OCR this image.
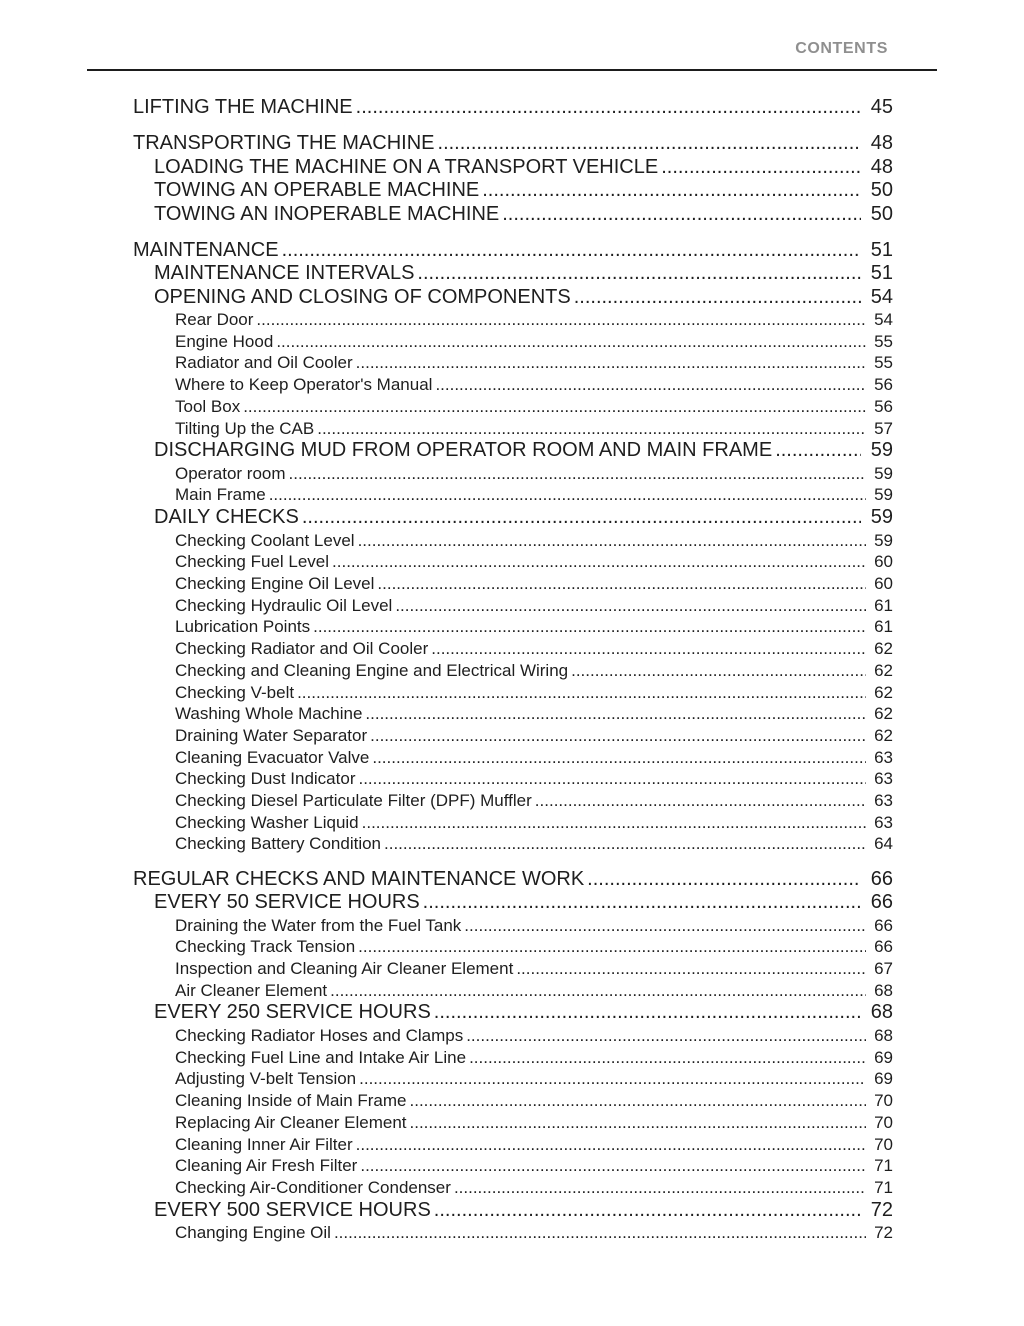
CONTENTS
LIFTING THE MACHINE .....	45
TRANSPORTING THE MACHINE .....	48
LOADING THE MACHINE ON A TRANSPORT VEHICLE .....	48
TOWING AN OPERABLE MACHINE .....	50
TOWING AN INOPERABLE MACHINE .....	50
MAINTENANCE .....	51
MAINTENANCE INTERVALS .....	51
OPENING AND CLOSING OF COMPONENTS .....	54
Rear Door .....	54
Engine Hood .....	55
Radiator and Oil Cooler .....	55
Where to Keep Operator's Manual .....	56
Tool Box .....	56
Tilting Up the CAB .....	57
DISCHARGING MUD FROM OPERATOR ROOM AND MAIN FRAME .....	59
Operator room .....	59
Main Frame .....	59
DAILY CHECKS .....	59
Checking Coolant Level .....	59
Checking Fuel Level .....	60
Checking Engine Oil Level .....	60
Checking Hydraulic Oil Level .....	61
Lubrication Points .....	61
Checking Radiator and Oil Cooler .....	62
Checking and Cleaning Engine and Electrical Wiring .....	62
Checking V-belt .....	62
Washing Whole Machine .....	62
Draining Water Separator .....	62
Cleaning Evacuator Valve .....	63
Checking Dust Indicator .....	63
Checking Diesel Particulate Filter (DPF) Muffler .....	63
Checking Washer Liquid .....	63
Checking Battery Condition .....	64
REGULAR CHECKS AND MAINTENANCE WORK .....	66
EVERY 50 SERVICE HOURS .....	66
Draining the Water from the Fuel Tank .....	66
Checking Track Tension .....	66
Inspection and Cleaning Air Cleaner Element .....	67
Air Cleaner Element .....	68
EVERY 250 SERVICE HOURS .....	68
Checking Radiator Hoses and Clamps .....	68
Checking Fuel Line and Intake Air Line .....	69
Adjusting V-belt Tension .....	69
Cleaning Inside of Main Frame .....	70
Replacing Air Cleaner Element .....	70
Cleaning Inner Air Filter .....	70
Cleaning Air Fresh Filter .....	71
Checking Air-Conditioner Condenser .....	71
EVERY 500 SERVICE HOURS .....	72
Changing Engine Oil .....	72
